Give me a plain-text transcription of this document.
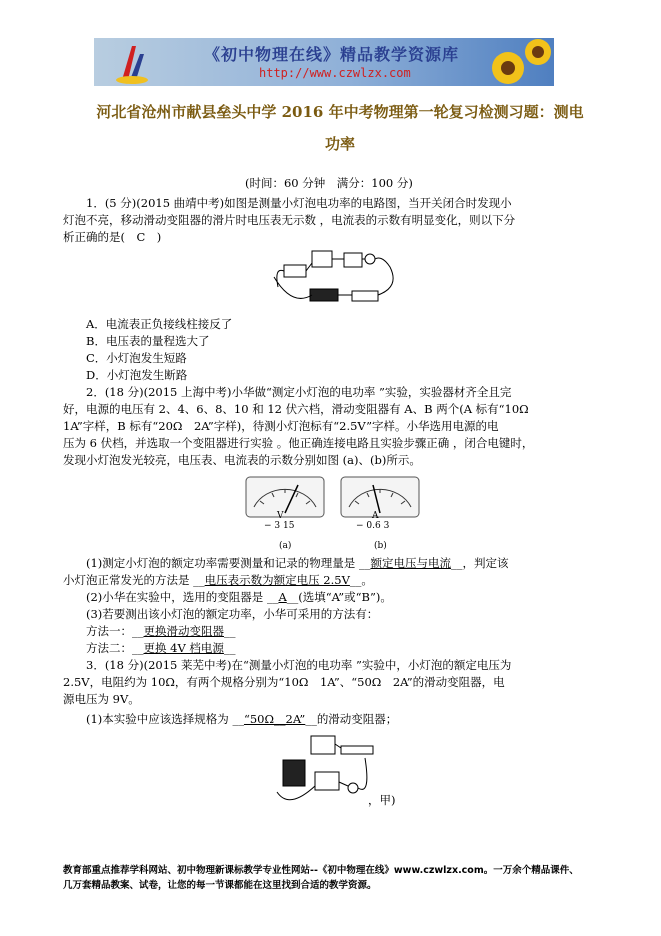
《初中物理在线》精品教学资源库
http://www.czwlzx.com
河北省沧州市献县垒头中学 2016 年中考物理第一轮复习检测习题：测电
功率
(时间：60 分钟　满分：100 分)
1．(5 分)(2015 曲靖中考)如图是测量小灯泡电功率的电路图，当开关闭合时发现小
灯泡不亮，移动滑动变阻器的滑片时电压表无示数 ，电流表的示数有明显变化，则以下分
析正确的是(　C　)
A．电流表正负接线柱接反了
B．电压表的量程选大了
C．小灯泡发生短路
D．小灯泡发生断路
2．(18 分)(2015 上海中考)小华做“测定小灯泡的电功率 ”实验，实验器材齐全且完
好，电源的电压有 2、4、6、8、10 和 12 伏六档，滑动变阻器有 A、B 两个(A 标有“10Ω
1A”字样，B 标有“20Ω　2A”字样)，待测小灯泡标有“2.5V”字样。小华选用电源的电
压为 6 伏档，并选取一个变阻器进行实验 。他正确连接电路且实验步骤正确 ，闭合电键时，
发现小灯泡发光较亮，电压表、电流表的示数分别如图 (a)、(b)所示。
V
− 3 15
(a)
A
− 0.6 3
(b)
(1)测定小灯泡的额定功率需要测量和记录的物理量是 __额定电压与电流__，判定该
小灯泡正常发光的方法是 __电压表示数为额定电压 2.5V__。
(2)小华在实验中，选用的变阻器是 __A__(选填“A”或“B”)。
(3)若要测出该小灯泡的额定功率，小华可采用的方法有：
方法一：__更换滑动变阻器__
方法二：__更换 4V 档电源__
3．(18 分)(2015 莱芜中考)在“测量小灯泡的电功率 ”实验中，小灯泡的额定电压为
2.5V，电阻约为 10Ω，有两个规格分别为“10Ω　1A”、“50Ω　2A”的滑动变阻器，电
源电压为 9V。
(1)本实验中应该选择规格为 __“50Ω__2A”__的滑动变阻器；
，甲)
教育部重点推荐学科网站、初中物理新课标教学专业性网站--《初中物理在线》www.czwlzx.com。一万余个精品课件、
几万套精品教案、试卷，让您的每一节课都能在这里找到合适的教学资源。
